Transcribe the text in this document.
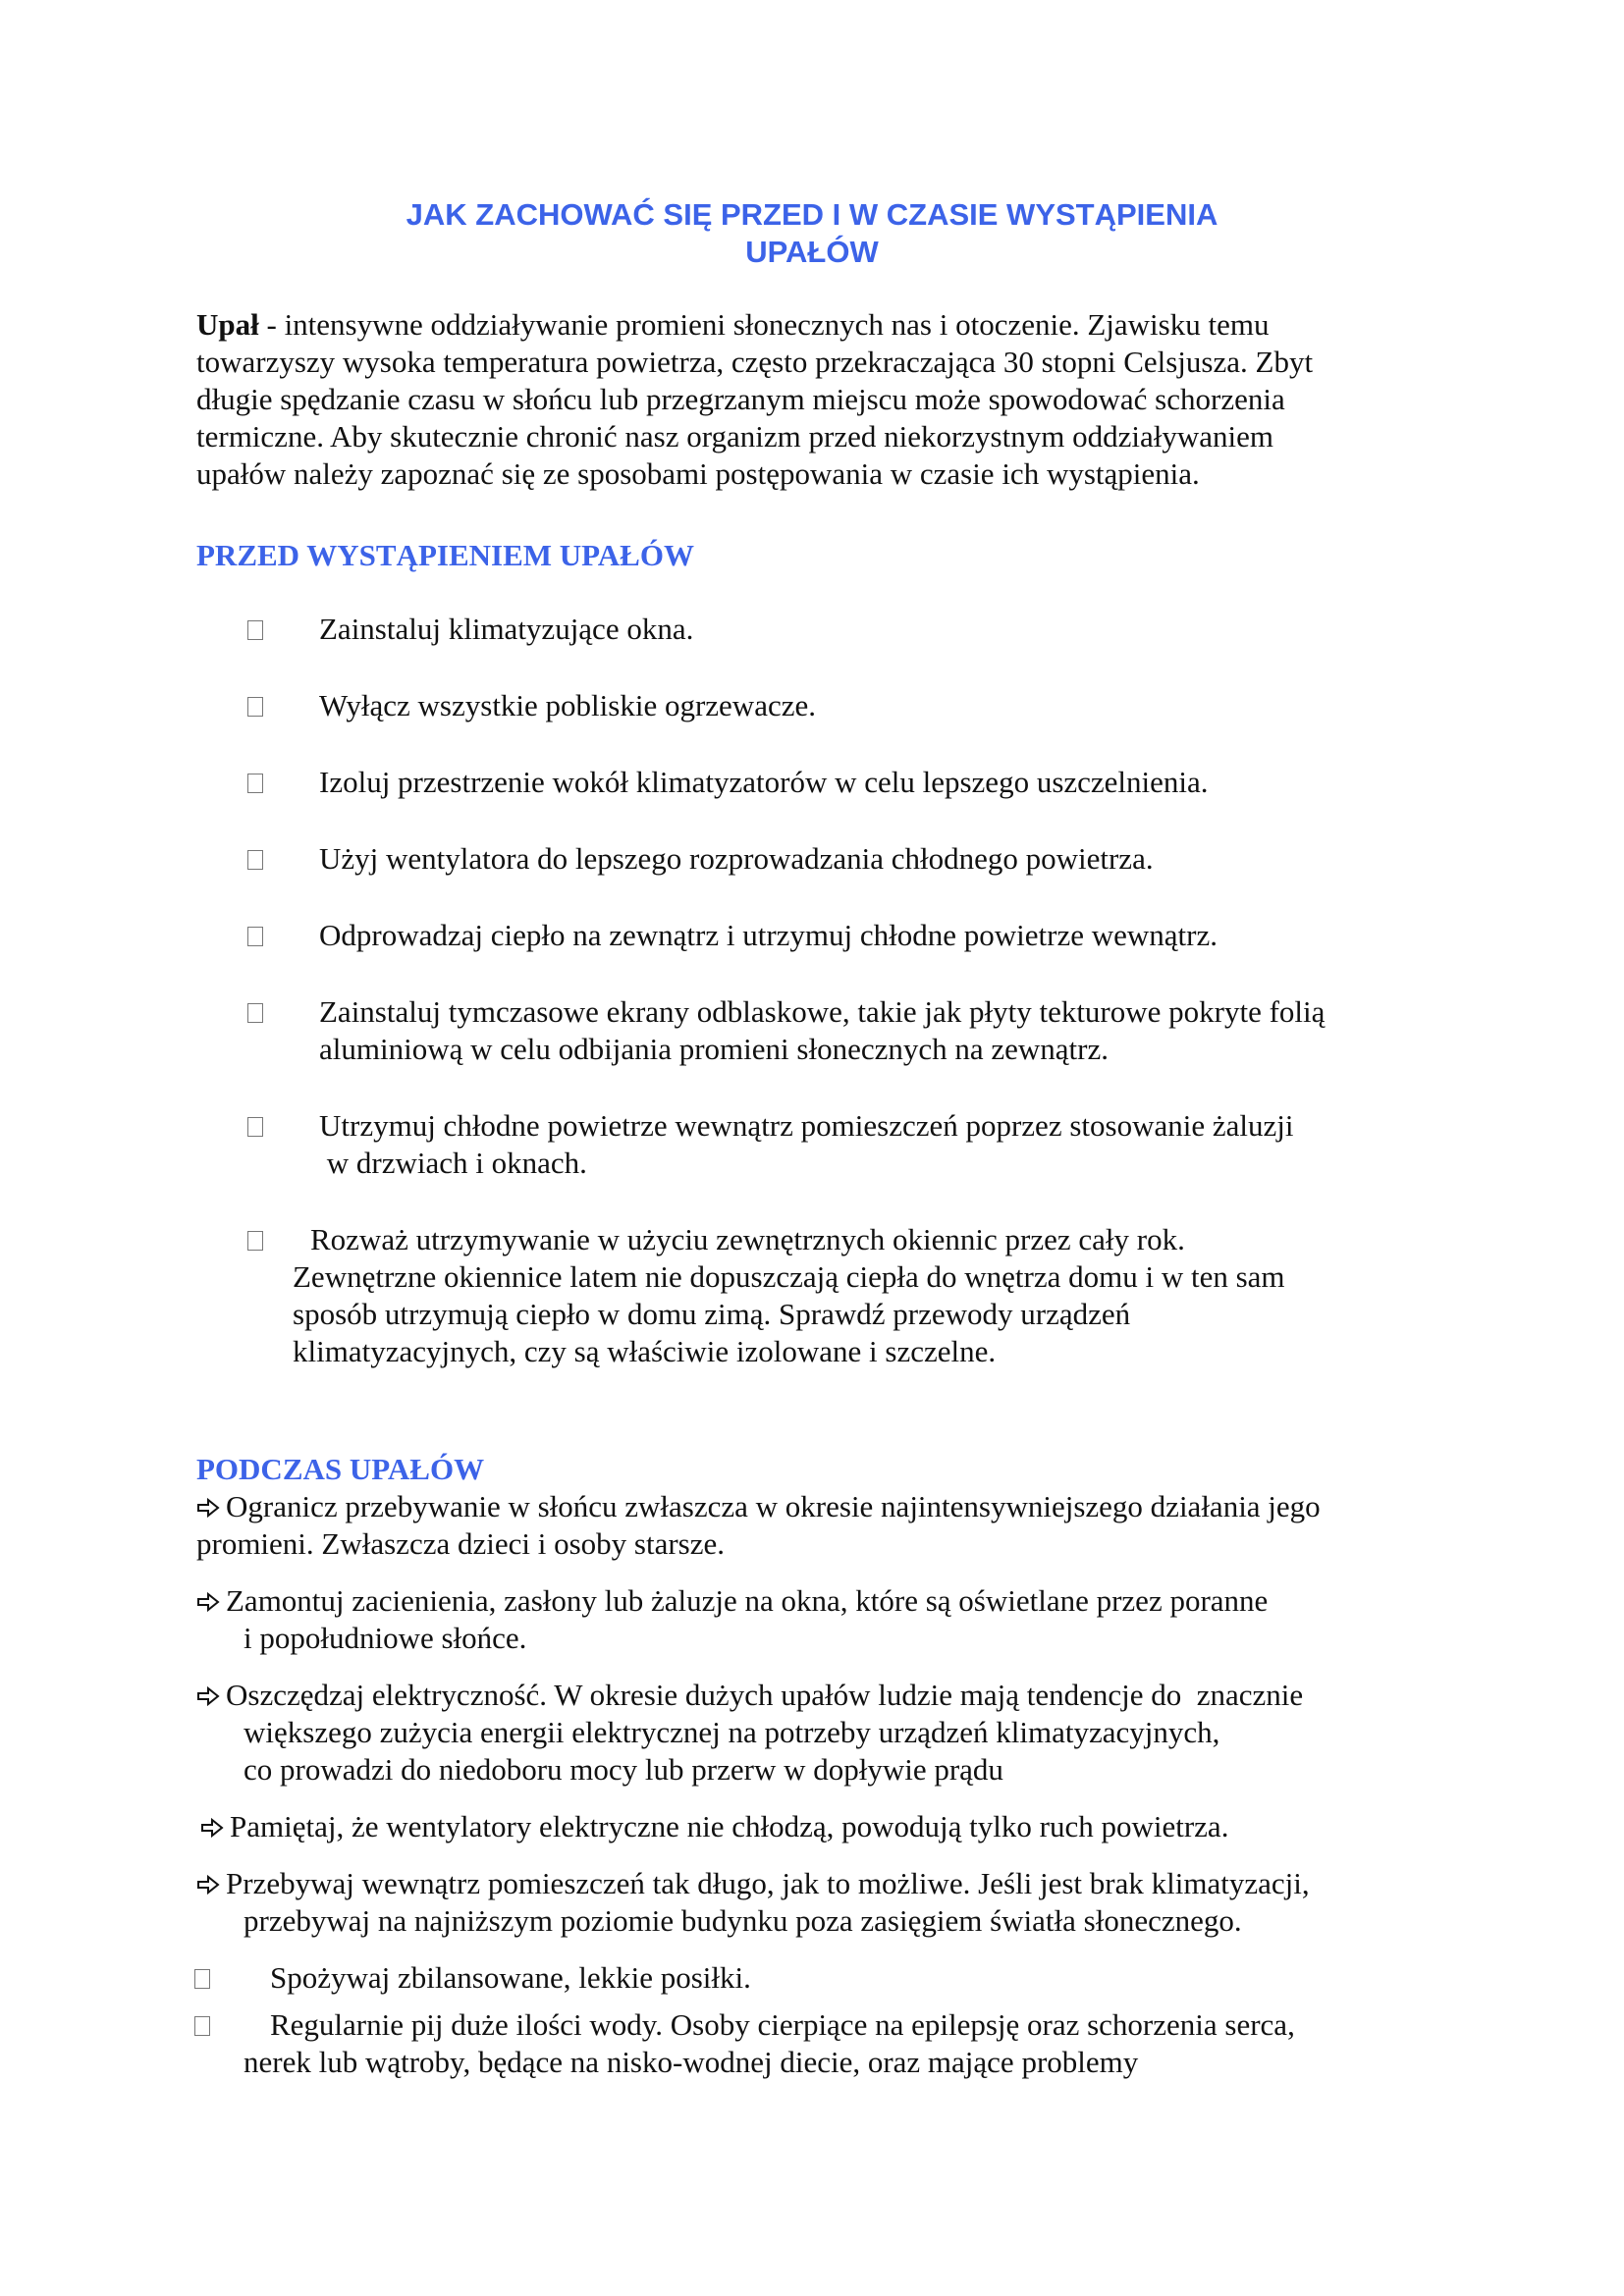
JAK ZACHOWAĆ SIĘ PRZED I W CZASIE WYSTĄPIENIA
UPAŁÓW
Upał - intensywne oddziaływanie promieni słonecznych nas i otoczenie. Zjawisku temu
towarzyszy wysoka temperatura powietrza, często przekraczająca 30 stopni Celsjusza. Zbyt
długie spędzanie czasu w słońcu lub przegrzanym miejscu może spowodować schorzenia
termiczne. Aby skutecznie chronić nasz organizm przed niekorzystnym oddziaływaniem
upałów należy zapoznać się ze sposobami postępowania w czasie ich wystąpienia.
PRZED WYSTĄPIENIEM UPAŁÓW
Zainstaluj klimatyzujące okna.
Wyłącz wszystkie pobliskie ogrzewacze.
Izoluj przestrzenie wokół klimatyzatorów w celu lepszego uszczelnienia.
Użyj wentylatora do lepszego rozprowadzania chłodnego powietrza.
Odprowadzaj ciepło na zewnątrz i utrzymuj chłodne powietrze wewnątrz.
Zainstaluj tymczasowe ekrany odblaskowe, takie jak płyty tekturowe pokryte folią
aluminiową w celu odbijania promieni słonecznych na zewnątrz.
Utrzymuj chłodne powietrze wewnątrz pomieszczeń poprzez stosowanie żaluzji
w drzwiach i oknach.
Rozważ utrzymywanie w użyciu zewnętrznych okiennic przez cały rok.
Zewnętrzne okiennice latem nie dopuszczają ciepła do wnętrza domu i w ten sam
sposób utrzymują ciepło w domu zimą. Sprawdź przewody urządzeń
klimatyzacyjnych, czy są właściwie izolowane i szczelne.
PODCZAS UPAŁÓW
Ogranicz przebywanie w słońcu zwłaszcza w okresie najintensywniejszego działania jego
promieni. Zwłaszcza dzieci i osoby starsze.
Zamontuj zacienienia, zasłony lub żaluzje na okna, które są oświetlane przez poranne
i popołudniowe słońce.
Oszczędzaj elektryczność. W okresie dużych upałów ludzie mają tendencje do  znacznie
większego zużycia energii elektrycznej na potrzeby urządzeń klimatyzacyjnych,
co prowadzi do niedoboru mocy lub przerw w dopływie prądu
Pamiętaj, że wentylatory elektryczne nie chłodzą, powodują tylko ruch powietrza.
Przebywaj wewnątrz pomieszczeń tak długo, jak to możliwe. Jeśli jest brak klimatyzacji,
przebywaj na najniższym poziomie budynku poza zasięgiem światła słonecznego.
Spożywaj zbilansowane, lekkie posiłki.
Regularnie pij duże ilości wody. Osoby cierpiące na epilepsję oraz schorzenia serca,
nerek lub wątroby, będące na nisko-wodnej diecie, oraz mające problemy
